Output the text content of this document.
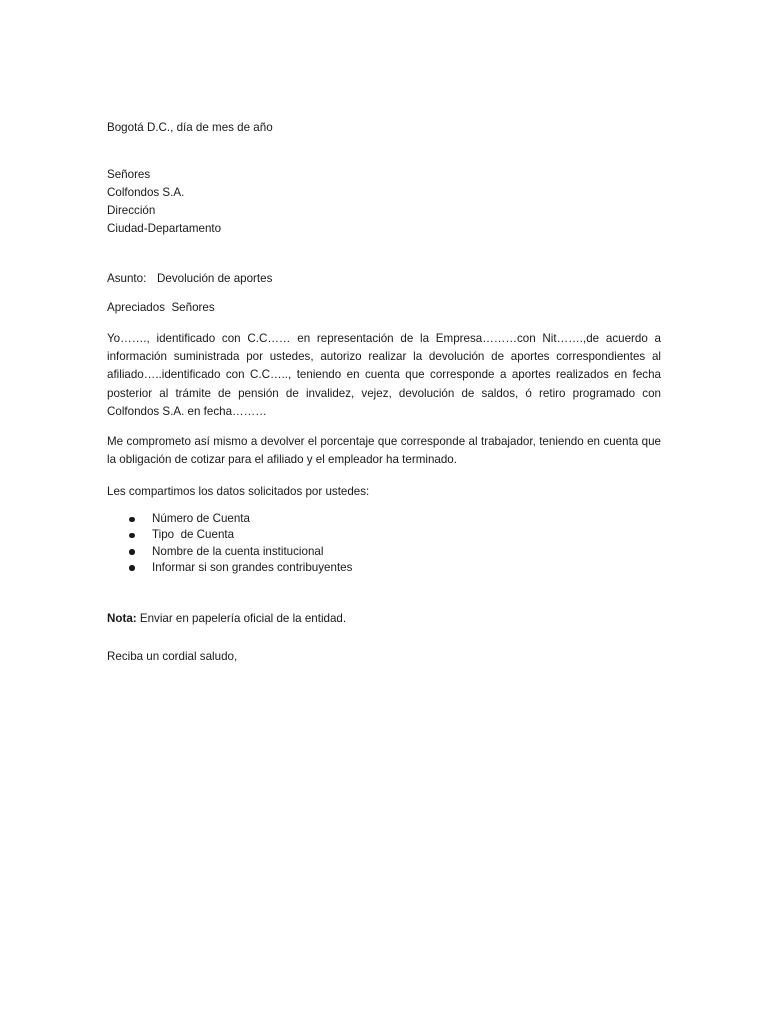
Bogotá D.C., día de mes de año
Señores
Colfondos S.A.
Dirección
Ciudad-Departamento
Asunto: Devolución de aportes
Apreciados  Señores
Yo……., identificado con C.C…… en representación de la Empresa………con Nit…….,de acuerdo a información suministrada por ustedes, autorizo realizar la devolución de aportes correspondientes al afiliado…..identificado con C.C….., teniendo en cuenta que corresponde a aportes realizados en fecha posterior al trámite de pensión de invalidez, vejez, devolución de saldos, ó retiro programado con Colfondos S.A. en fecha………
Me comprometo así mismo a devolver el porcentaje que corresponde al trabajador, teniendo en cuenta que la obligación de cotizar para el afiliado y el empleador ha terminado.
Les compartimos los datos solicitados por ustedes:
Número de Cuenta
Tipo  de Cuenta
Nombre de la cuenta institucional
Informar si son grandes contribuyentes
Nota: Enviar en papelería oficial de la entidad.
Reciba un cordial saludo,
